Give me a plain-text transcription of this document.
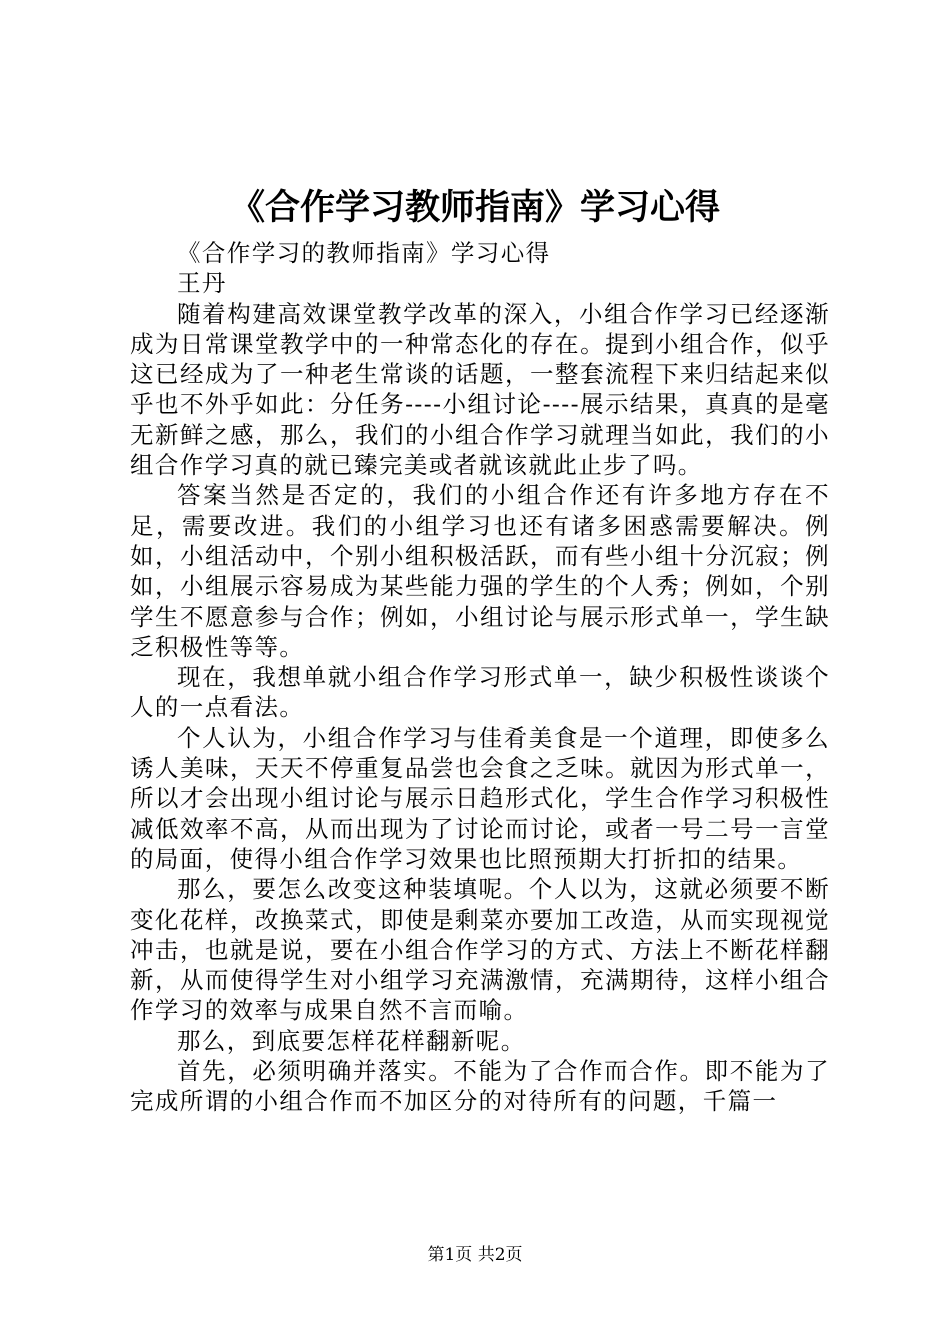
《合作学习教师指南》学习心得

《合作学习的教师指南》学习心得

王丹

随着构建高效课堂教学改革的深入，小组合作学习已经逐渐成为日常课堂教学中的一种常态化的存在。提到小组合作，似乎这已经成为了一种老生常谈的话题，一整套流程下来归结起来似乎也不外乎如此：分任务----小组讨论----展示结果，真真的是毫无新鲜之感，那么，我们的小组合作学习就理当如此，我们的小组合作学习真的就已臻完美或者就该就此止步了吗。

答案当然是否定的，我们的小组合作还有许多地方存在不足，需要改进。我们的小组学习也还有诸多困惑需要解决。例如，小组活动中，个别小组积极活跃，而有些小组十分沉寂；例如，小组展示容易成为某些能力强的学生的个人秀；例如，个别学生不愿意参与合作；例如，小组讨论与展示形式单一，学生缺乏积极性等等。

现在，我想单就小组合作学习形式单一，缺少积极性谈谈个人的一点看法。

个人认为，小组合作学习与佳肴美食是一个道理，即使多么诱人美味，天天不停重复品尝也会食之乏味。就因为形式单一，所以才会出现小组讨论与展示日趋形式化，学生合作学习积极性减低效率不高，从而出现为了讨论而讨论，或者一号二号一言堂的局面，使得小组合作学习效果也比照预期大打折扣的结果。

那么，要怎么改变这种装填呢。个人以为，这就必须要不断变化花样，改换菜式，即使是剩菜亦要加工改造，从而实现视觉冲击，也就是说，要在小组合作学习的方式、方法上不断花样翻新，从而使得学生对小组学习充满激情，充满期待，这样小组合作学习的效率与成果自然不言而喻。

那么，到底要怎样花样翻新呢。

首先，必须明确并落实。不能为了合作而合作。即不能为了完成所谓的小组合作而不加区分的对待所有的问题，千篇一

第1页 共2页
